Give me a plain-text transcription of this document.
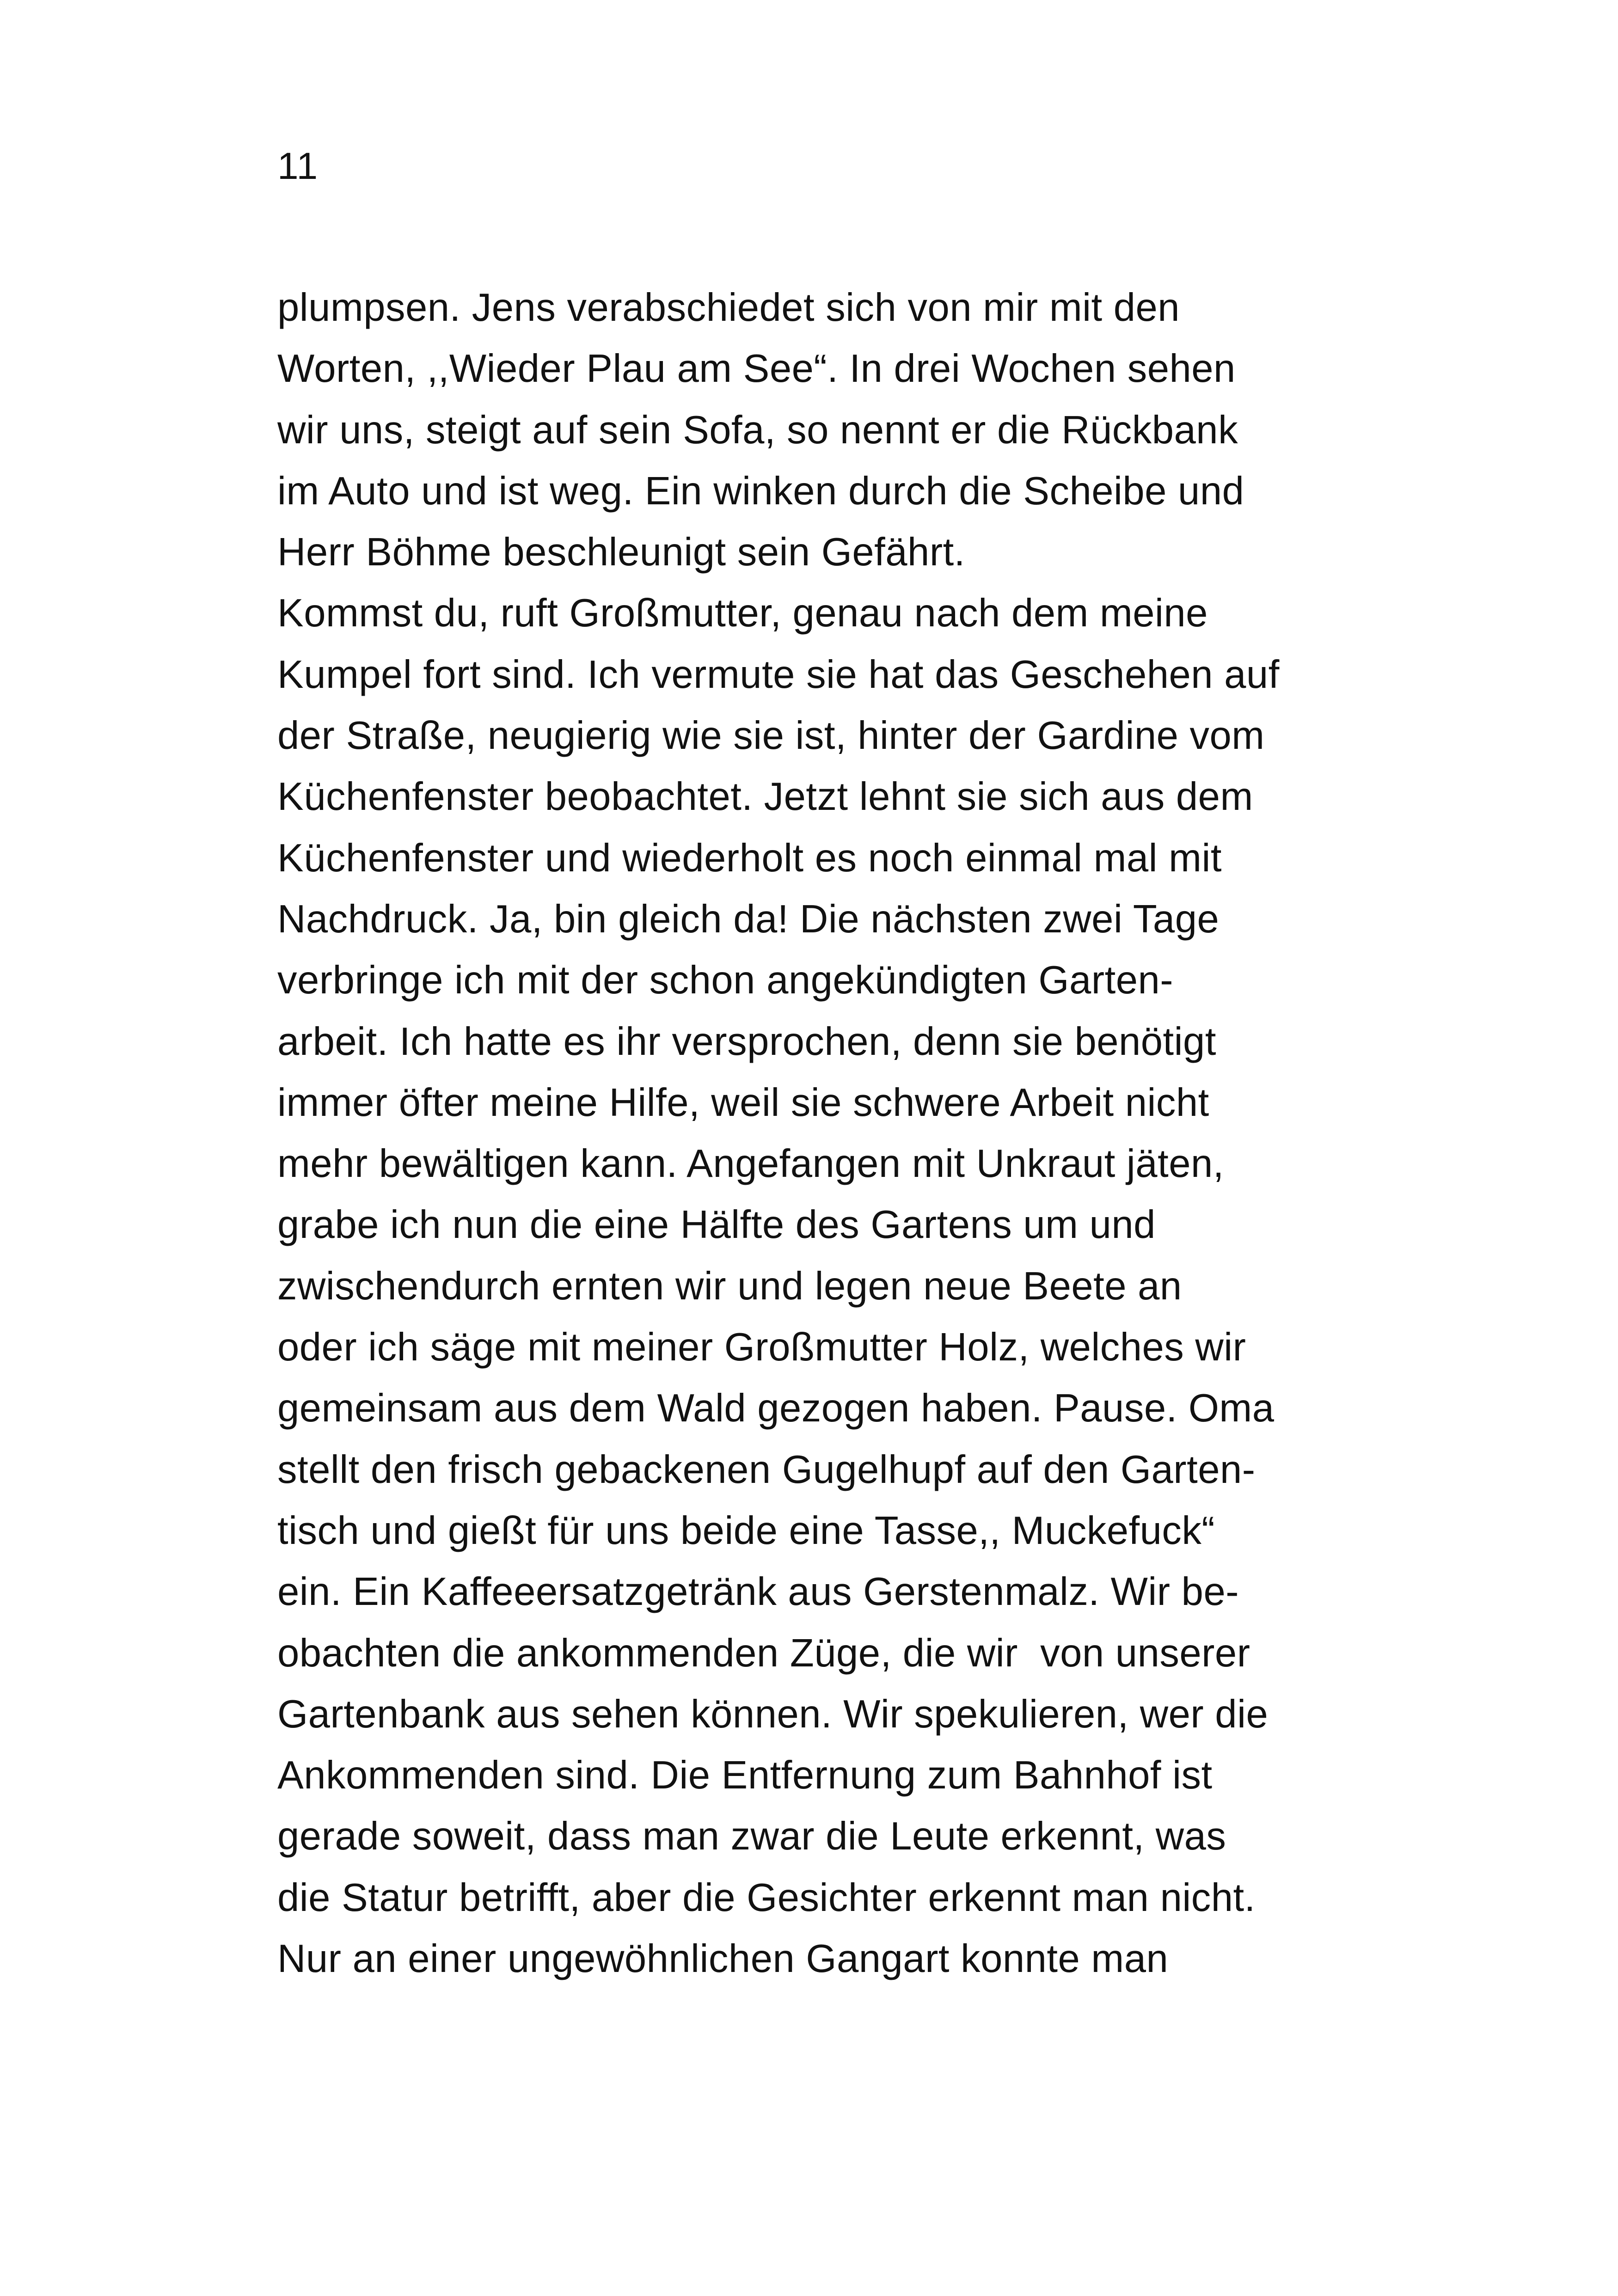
11
plumpsen. Jens verabschiedet sich von mir mit den
Worten, ,,Wieder Plau am See“. In drei Wochen sehen
wir uns, steigt auf sein Sofa, so nennt er die Rückbank
im Auto und ist weg. Ein winken durch die Scheibe und
Herr Böhme beschleunigt sein Gefährt.
Kommst du, ruft Großmutter, genau nach dem meine
Kumpel fort sind. Ich vermute sie hat das Geschehen auf
der Straße, neugierig wie sie ist, hinter der Gardine vom
Küchenfenster beobachtet. Jetzt lehnt sie sich aus dem
Küchenfenster und wiederholt es noch einmal mal mit
Nachdruck. Ja, bin gleich da! Die nächsten zwei Tage
verbringe ich mit der schon angekündigten Garten-
arbeit. Ich hatte es ihr versprochen, denn sie benötigt
immer öfter meine Hilfe, weil sie schwere Arbeit nicht
mehr bewältigen kann. Angefangen mit Unkraut jäten,
grabe ich nun die eine Hälfte des Gartens um und
zwischendurch ernten wir und legen neue Beete an
oder ich säge mit meiner Großmutter Holz, welches wir
gemeinsam aus dem Wald gezogen haben. Pause. Oma
stellt den frisch gebackenen Gugelhupf auf den Garten-
tisch und gießt für uns beide eine Tasse,, Muckefuck“
ein. Ein Kaffeeersatzgetränk aus Gerstenmalz. Wir be-
obachten die ankommenden Züge, die wir  von unserer
Gartenbank aus sehen können. Wir spekulieren, wer die
Ankommenden sind. Die Entfernung zum Bahnhof ist
gerade soweit, dass man zwar die Leute erkennt, was
die Statur betrifft, aber die Gesichter erkennt man nicht.
Nur an einer ungewöhnlichen Gangart konnte man
